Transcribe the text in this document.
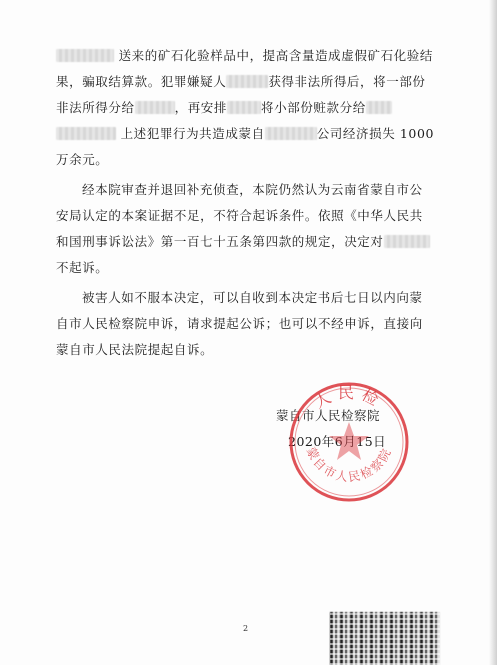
送来的矿石化验样品中，提高含量造成虚假矿石化验结
果，骗取结算款。犯罪嫌疑人	获得非法所得后，将一部份
非法所得分给	，再安排	将小部份赃款分给
上述犯罪行为共造成蒙自	公司经济损失 1000
万余元。
经本院审查并退回补充侦查，本院仍然认为云南省蒙自市公
安局认定的本案证据不足，不符合起诉条件。依照《中华人民共
和国刑事诉讼法》第一百七十五条第四款的规定，决定对
不起诉。
被害人如不服本决定，可以自收到本决定书后七日以内向蒙
自市人民检察院申诉，请求提起公诉；也可以不经申诉，直接向
蒙自市人民法院提起自诉。
蒙自市人民检察院
2020年6月15日
人民检
蒙自市人民检察院
2
